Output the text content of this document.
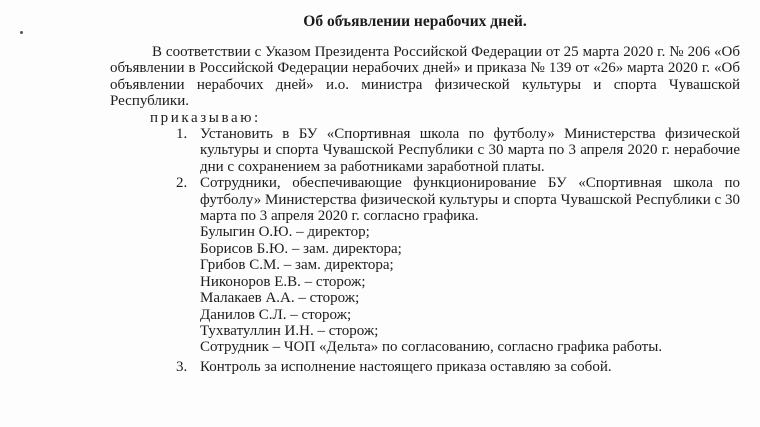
Об объявлении нерабочих дней.
В соответствии с Указом Президента Российской Федерации от 25 марта 2020 г. № 206 «Об объявлении в Российской Федерации нерабочих дней» и приказа № 139 от «26» марта 2020 г. «Об объявлении нерабочих дней» и.о. министра физической культуры и спорта Чувашской Республики.
приказываю:
1. Установить в БУ «Спортивная школа по футболу» Министерства физической культуры и спорта Чувашской Республики с 30 марта по 3 апреля 2020 г. нерабочие дни с сохранением за работниками заработной платы.
2. Сотрудники, обеспечивающие функционирование БУ «Спортивная школа по футболу» Министерства физической культуры и спорта Чувашской Республики с 30 марта по 3 апреля 2020 г. согласно графика.
Булыгин О.Ю. – директор;
Борисов Б.Ю. – зам. директора;
Грибов С.М. – зам. директора;
Никоноров Е.В. – сторож;
Малакаев А.А. – сторож;
Данилов С.Л. – сторож;
Тухватуллин И.Н. – сторож;
Сотрудник – ЧОП «Дельта» по согласованию, согласно графика работы.
3. Контроль за исполнение настоящего приказа оставляю за собой.
